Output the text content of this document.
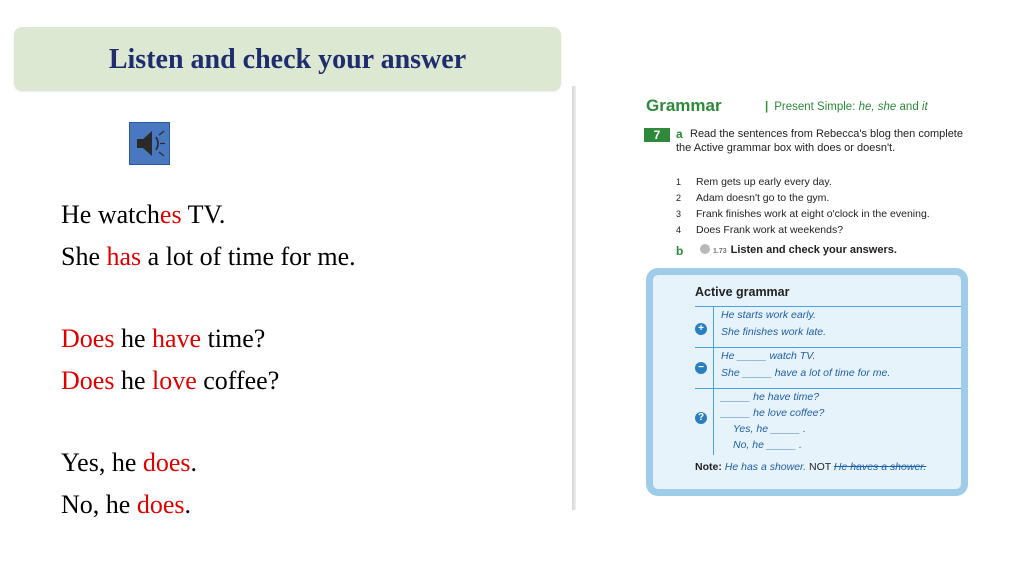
Listen and check your answer
He watches TV.
She has a lot of time for me.
Does he have time?
Does he love coffee?
Yes, he does.
No, he does.
Grammar	| Present Simple: he, she and it
7	a Read the sentences from Rebecca's blog then complete the Active grammar box with does or doesn't.
1 Rem gets up early every day.
2 Adam doesn't go to the gym.
3 Frank finishes work at eight o'clock in the evening.
4 Does Frank work at weekends?
b	1.73 Listen and check your answers.
Active grammar
+
He starts work early.
She finishes work late.
−
He _____ watch TV.
She _____ have a lot of time for me.
?
_____ he have time?
_____ he love coffee?
Yes, he _____ .
No, he _____ .
Note: He has a shower. NOT He haves a shower.
